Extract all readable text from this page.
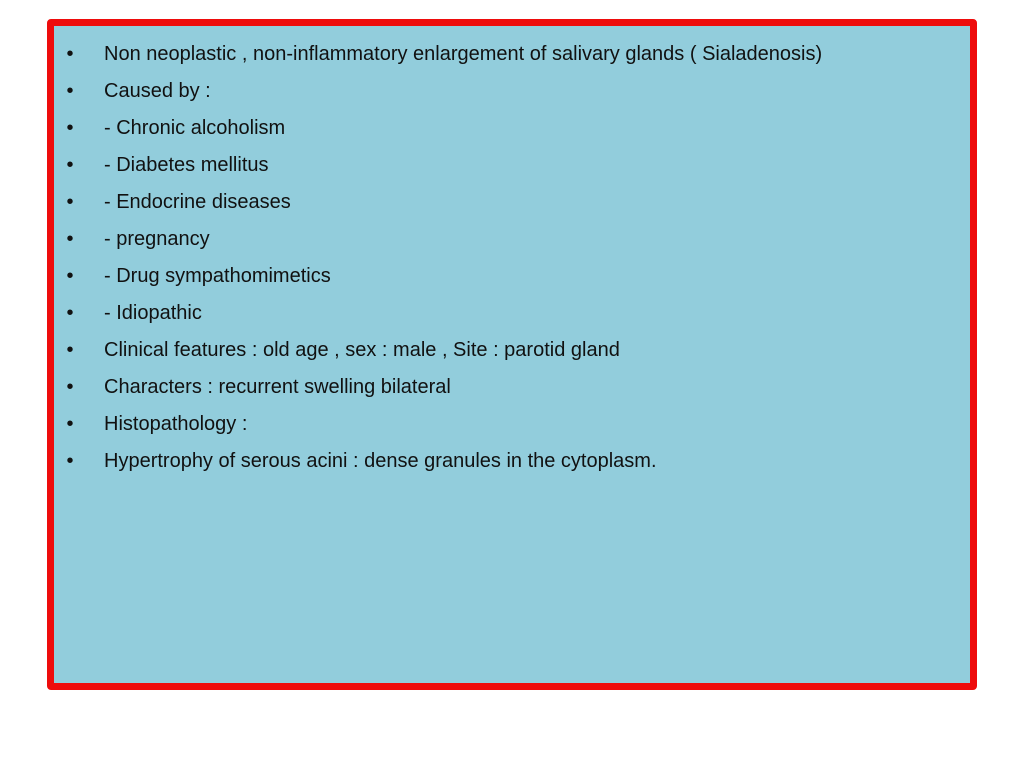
• Non neoplastic , non-inflammatory enlargement of salivary glands ( Sialadenosis)
• Caused by :
• - Chronic alcoholism
• - Diabetes mellitus
• - Endocrine diseases
• - pregnancy
• - Drug sympathomimetics
• - Idiopathic
• Clinical features : old age , sex : male , Site : parotid gland
• Characters : recurrent swelling bilateral
• Histopathology :
• Hypertrophy of serous acini : dense granules in the cytoplasm.
